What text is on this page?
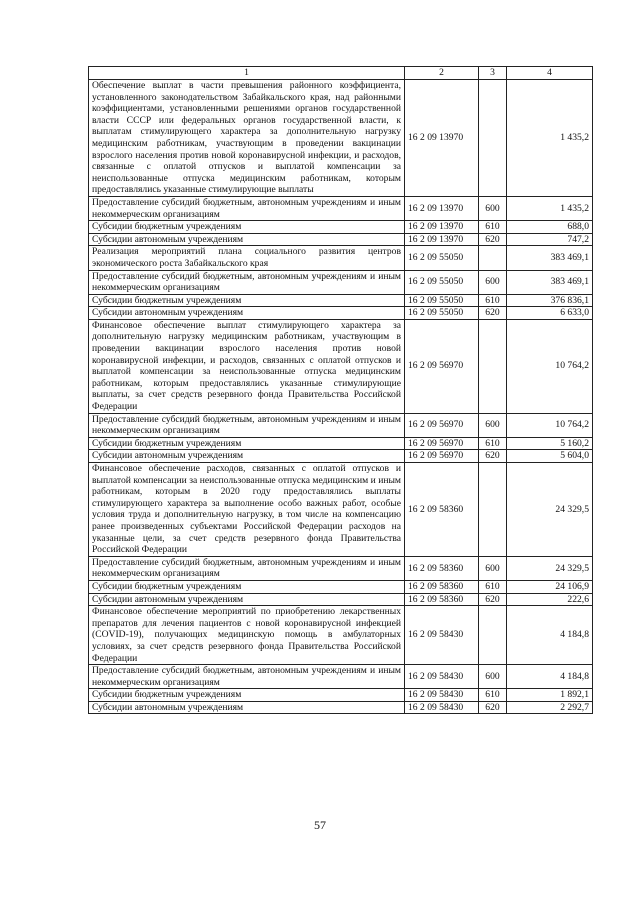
1	2	3	4
Обеспечение выплат в части превышения районного коэффициента, установленного законодательством Забайкальского края, над районными коэффициентами, установленными решениями органов государственной власти СССР или федеральных органов государственной власти, к выплатам стимулирующего характера за дополнительную нагрузку медицинским работникам, участвующим в проведении вакцинации взрослого населения против новой коронавирусной инфекции, и расходов, связанные с оплатой отпусков и выплатой компенсации за неиспользованные отпуска медицинским работникам, которым предоставлялись указанные стимулирующие выплаты	16 2 09 13970		1 435,2
Предоставление субсидий бюджетным, автономным учреждениям и иным некоммерческим организациям	16 2 09 13970	600	1 435,2
Субсидии бюджетным учреждениям	16 2 09 13970	610	688,0
Субсидии автономным учреждениям	16 2 09 13970	620	747,2
Реализация мероприятий плана социального развития центров экономического роста Забайкальского края	16 2 09 55050		383 469,1
Предоставление субсидий бюджетным, автономным учреждениям и иным некоммерческим организациям	16 2 09 55050	600	383 469,1
Субсидии бюджетным учреждениям	16 2 09 55050	610	376 836,1
Субсидии автономным учреждениям	16 2 09 55050	620	6 633,0
Финансовое обеспечение выплат стимулирующего характера за дополнительную нагрузку медицинским работникам, участвующим в проведении вакцинации взрослого населения против новой коронавирусной инфекции, и расходов, связанных с оплатой отпусков и выплатой компенсации за неиспользованные отпуска медицинским работникам, которым предоставлялись указанные стимулирующие выплаты, за счет средств резервного фонда Правительства Российской Федерации	16 2 09 56970		10 764,2
Предоставление субсидий бюджетным, автономным учреждениям и иным некоммерческим организациям	16 2 09 56970	600	10 764,2
Субсидии бюджетным учреждениям	16 2 09 56970	610	5 160,2
Субсидии автономным учреждениям	16 2 09 56970	620	5 604,0
Финансовое обеспечение расходов, связанных с оплатой отпусков и выплатой компенсации за неиспользованные отпуска медицинским и иным работникам, которым в 2020 году предоставлялись выплаты стимулирующего характера за выполнение особо важных работ, особые условия труда и дополнительную нагрузку, в том числе на компенсацию ранее произведенных субъектами Российской Федерации расходов на указанные цели, за счет средств резервного фонда Правительства Российской Федерации	16 2 09 58360		24 329,5
Предоставление субсидий бюджетным, автономным учреждениям и иным некоммерческим организациям	16 2 09 58360	600	24 329,5
Субсидии бюджетным учреждениям	16 2 09 58360	610	24 106,9
Субсидии автономным учреждениям	16 2 09 58360	620	222,6
Финансовое обеспечение мероприятий по приобретению лекарственных препаратов для лечения пациентов с новой коронавирусной инфекцией (COVID-19), получающих медицинскую помощь в амбулаторных условиях, за счет средств резервного фонда Правительства Российской Федерации	16 2 09 58430		4 184,8
Предоставление субсидий бюджетным, автономным учреждениям и иным некоммерческим организациям	16 2 09 58430	600	4 184,8
Субсидии бюджетным учреждениям	16 2 09 58430	610	1 892,1
Субсидии автономным учреждениям	16 2 09 58430	620	2 292,7
57
